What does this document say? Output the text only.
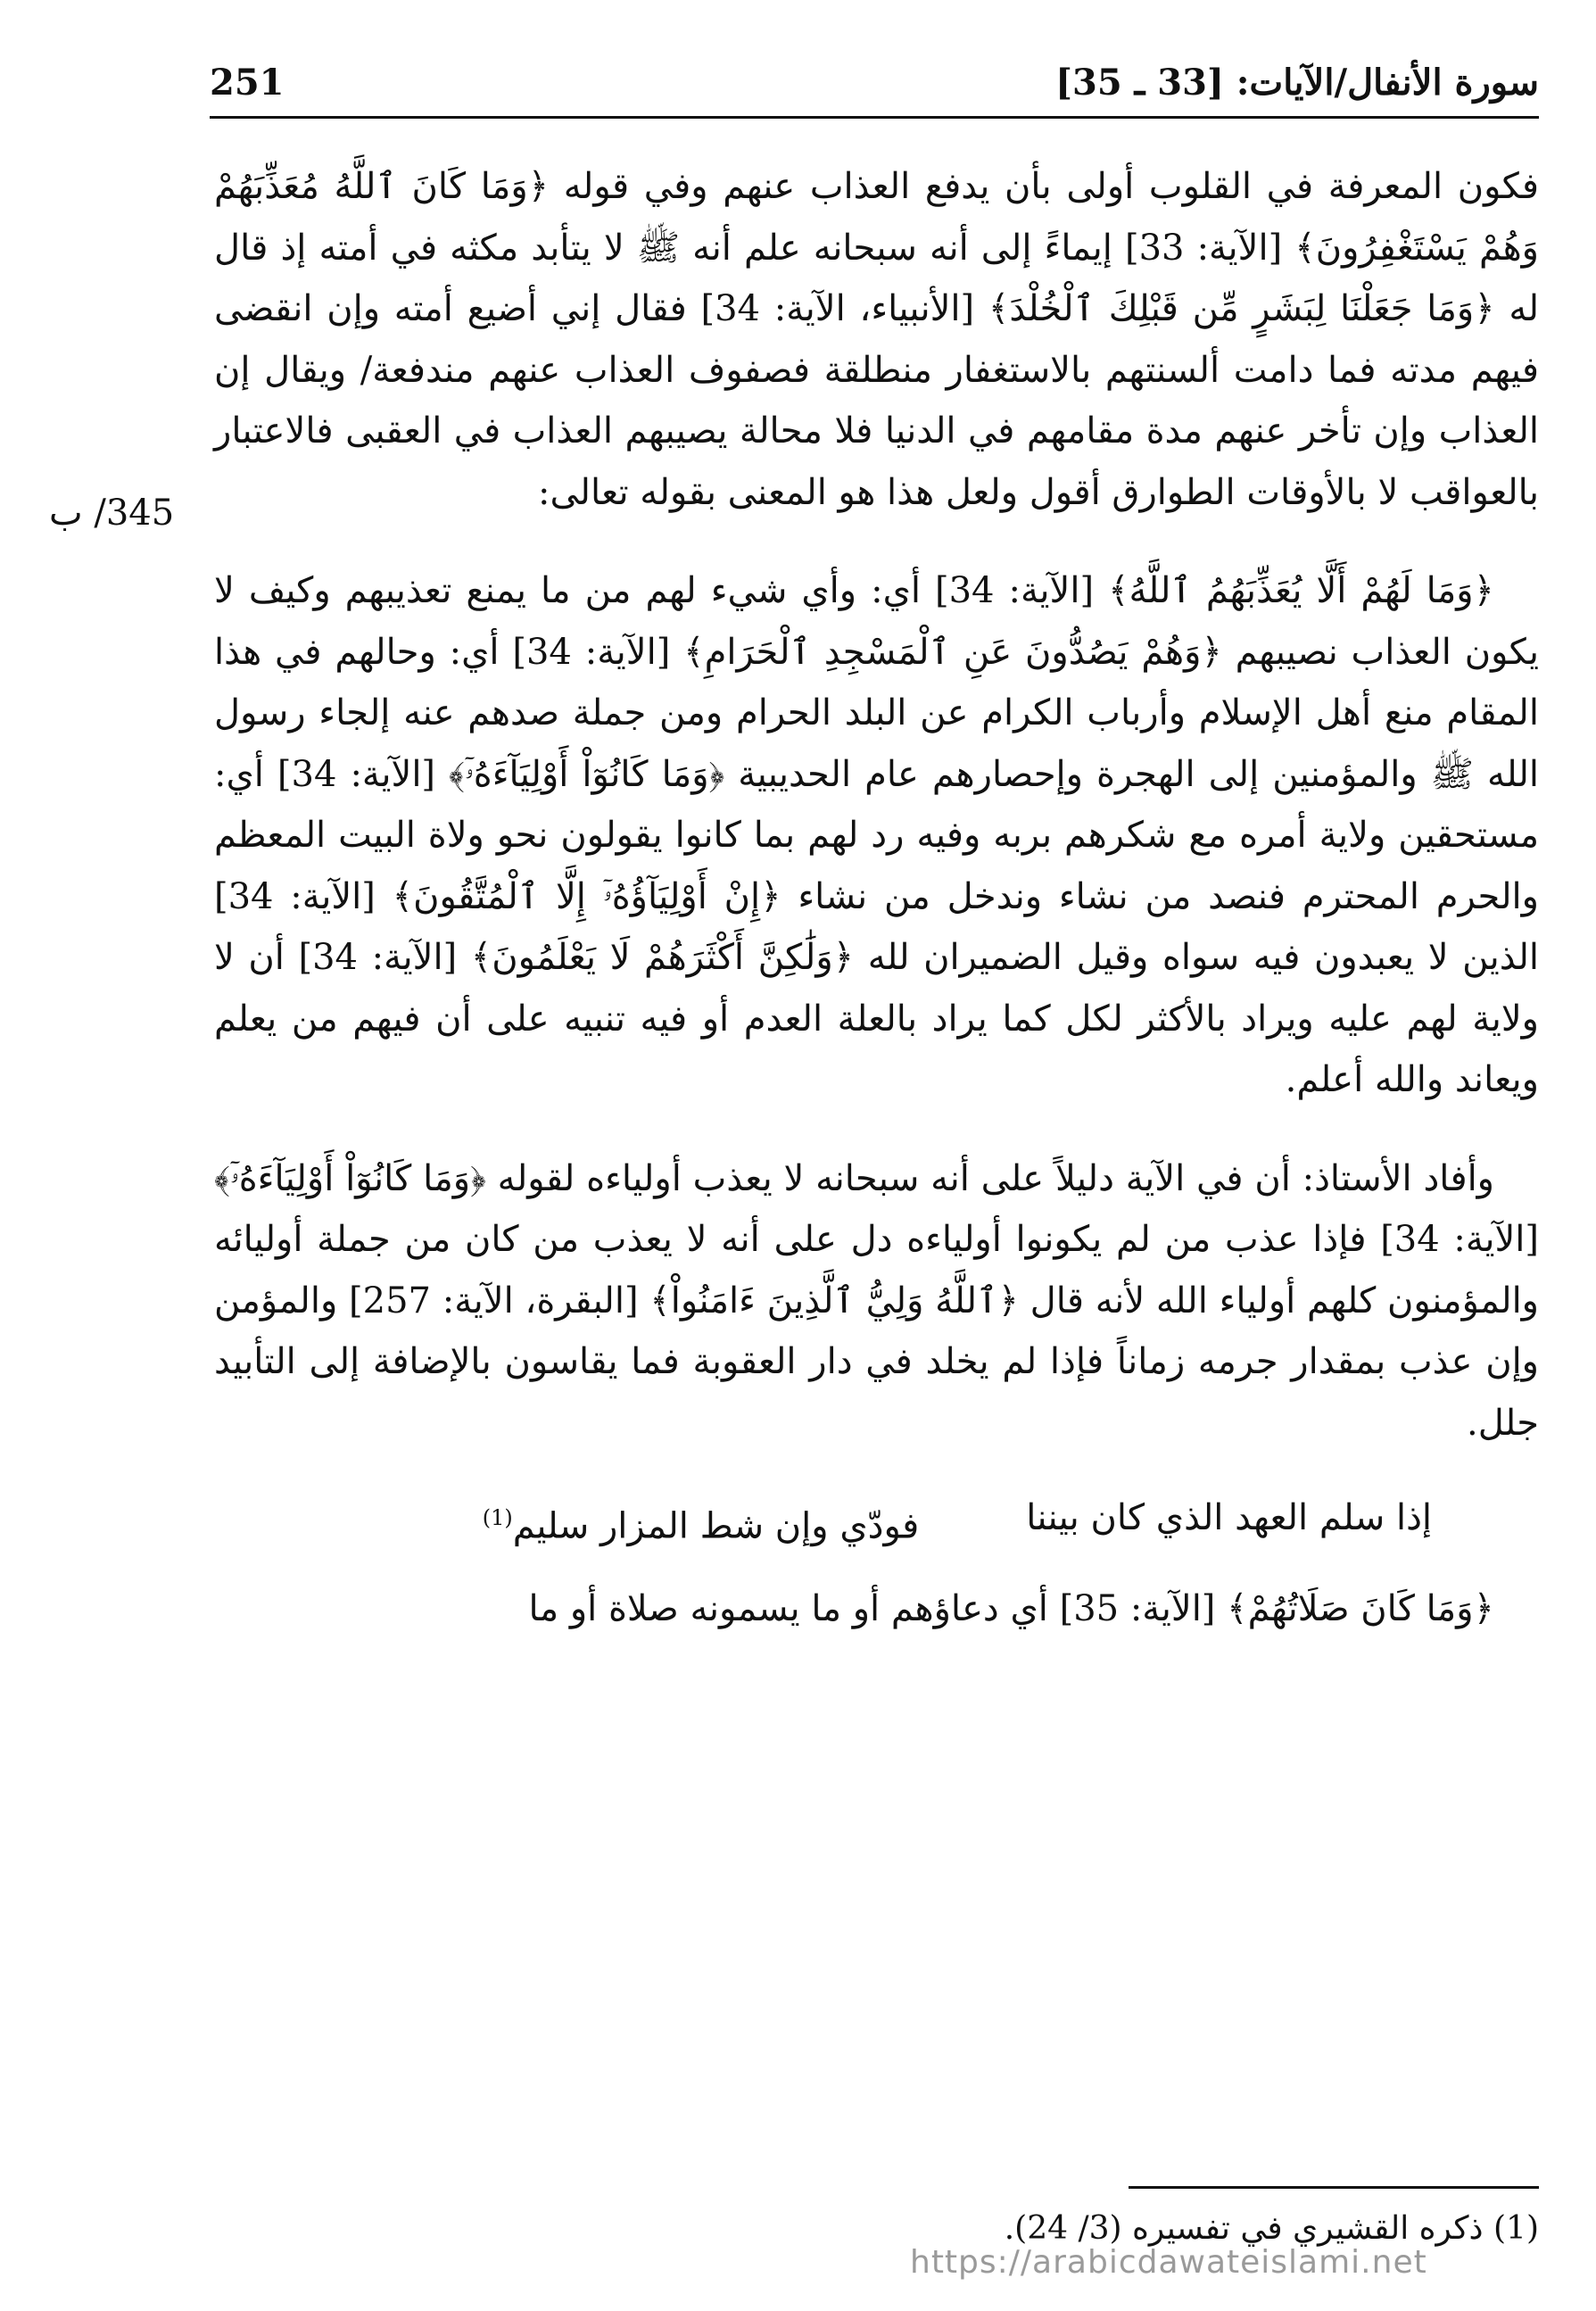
سورة الأنفال/الآيات: [33 ـ 35]
251
345/ ب

فكون المعرفة في القلوب أولى بأن يدفع العذاب عنهم وفي قوله ﴿وَمَا كَانَ ٱللَّهُ مُعَذِّبَهُمْ وَهُمْ يَسْتَغْفِرُونَ﴾ [الآية: 33] إيماءً إلى أنه سبحانه علم أنه ﷺ لا يتأبد مكثه في أمته إذ قال له ﴿وَمَا جَعَلْنَا لِبَشَرٍ مِّن قَبْلِكَ ٱلْخُلْدَ﴾ [الأنبياء، الآية: 34] فقال إني أضيع أمته وإن انقضى فيهم مدته فما دامت ألسنتهم بالاستغفار منطلقة فصفوف العذاب عنهم مندفعة/ ويقال إن العذاب وإن تأخر عنهم مدة مقامهم في الدنيا فلا محالة يصيبهم العذاب في العقبى فالاعتبار بالعواقب لا بالأوقات الطوارق أقول ولعل هذا هو المعنى بقوله تعالى:

﴿وَمَا لَهُمْ أَلَّا يُعَذِّبَهُمُ ٱللَّهُ﴾ [الآية: 34] أي: وأي شيء لهم من ما يمنع تعذيبهم وكيف لا يكون العذاب نصيبهم ﴿وَهُمْ يَصُدُّونَ عَنِ ٱلْمَسْجِدِ ٱلْحَرَامِ﴾ [الآية: 34] أي: وحالهم في هذا المقام منع أهل الإسلام وأرباب الكرام عن البلد الحرام ومن جملة صدهم عنه إلجاء رسول الله ﷺ والمؤمنين إلى الهجرة وإحصارهم عام الحديبية ﴿وَمَا كَانُوٓاْ أَوْلِيَآءَهُۥٓ﴾ [الآية: 34] أي: مستحقين ولاية أمره مع شكرهم بربه وفيه رد لهم بما كانوا يقولون نحو ولاة البيت المعظم والحرم المحترم فنصد من نشاء وندخل من نشاء ﴿إِنْ أَوْلِيَآؤُهُۥٓ إِلَّا ٱلْمُتَّقُونَ﴾ [الآية: 34] الذين لا يعبدون فيه سواه وقيل الضميران لله ﴿وَلَٰكِنَّ أَكْثَرَهُمْ لَا يَعْلَمُونَ﴾ [الآية: 34] أن لا ولاية لهم عليه ويراد بالأكثر لكل كما يراد بالعلة العدم أو فيه تنبيه على أن فيهم من يعلم ويعاند والله أعلم.

وأفاد الأستاذ: أن في الآية دليلاً على أنه سبحانه لا يعذب أولياءه لقوله ﴿وَمَا كَانُوٓاْ أَوْلِيَآءَهُۥٓ﴾ [الآية: 34] فإذا عذب من لم يكونوا أولياءه دل على أنه لا يعذب من كان من جملة أوليائه والمؤمنون كلهم أولياء الله لأنه قال ﴿ٱللَّهُ وَلِيُّ ٱلَّذِينَ ءَامَنُواْ﴾ [البقرة، الآية: 257] والمؤمن وإن عذب بمقدار جرمه زماناً فإذا لم يخلد في دار العقوبة فما يقاسون بالإضافة إلى التأبيد جلل.

إذا سلم العهد الذي كان بيننا
فودّي وإن شط المزار سليم(1)

﴿وَمَا كَانَ صَلَاتُهُمْ﴾ [الآية: 35] أي دعاؤهم أو ما يسمونه صلاة أو ما

(1) ذكره القشيري في تفسيره (3/ 24).
https://arabicdawateislami.net
